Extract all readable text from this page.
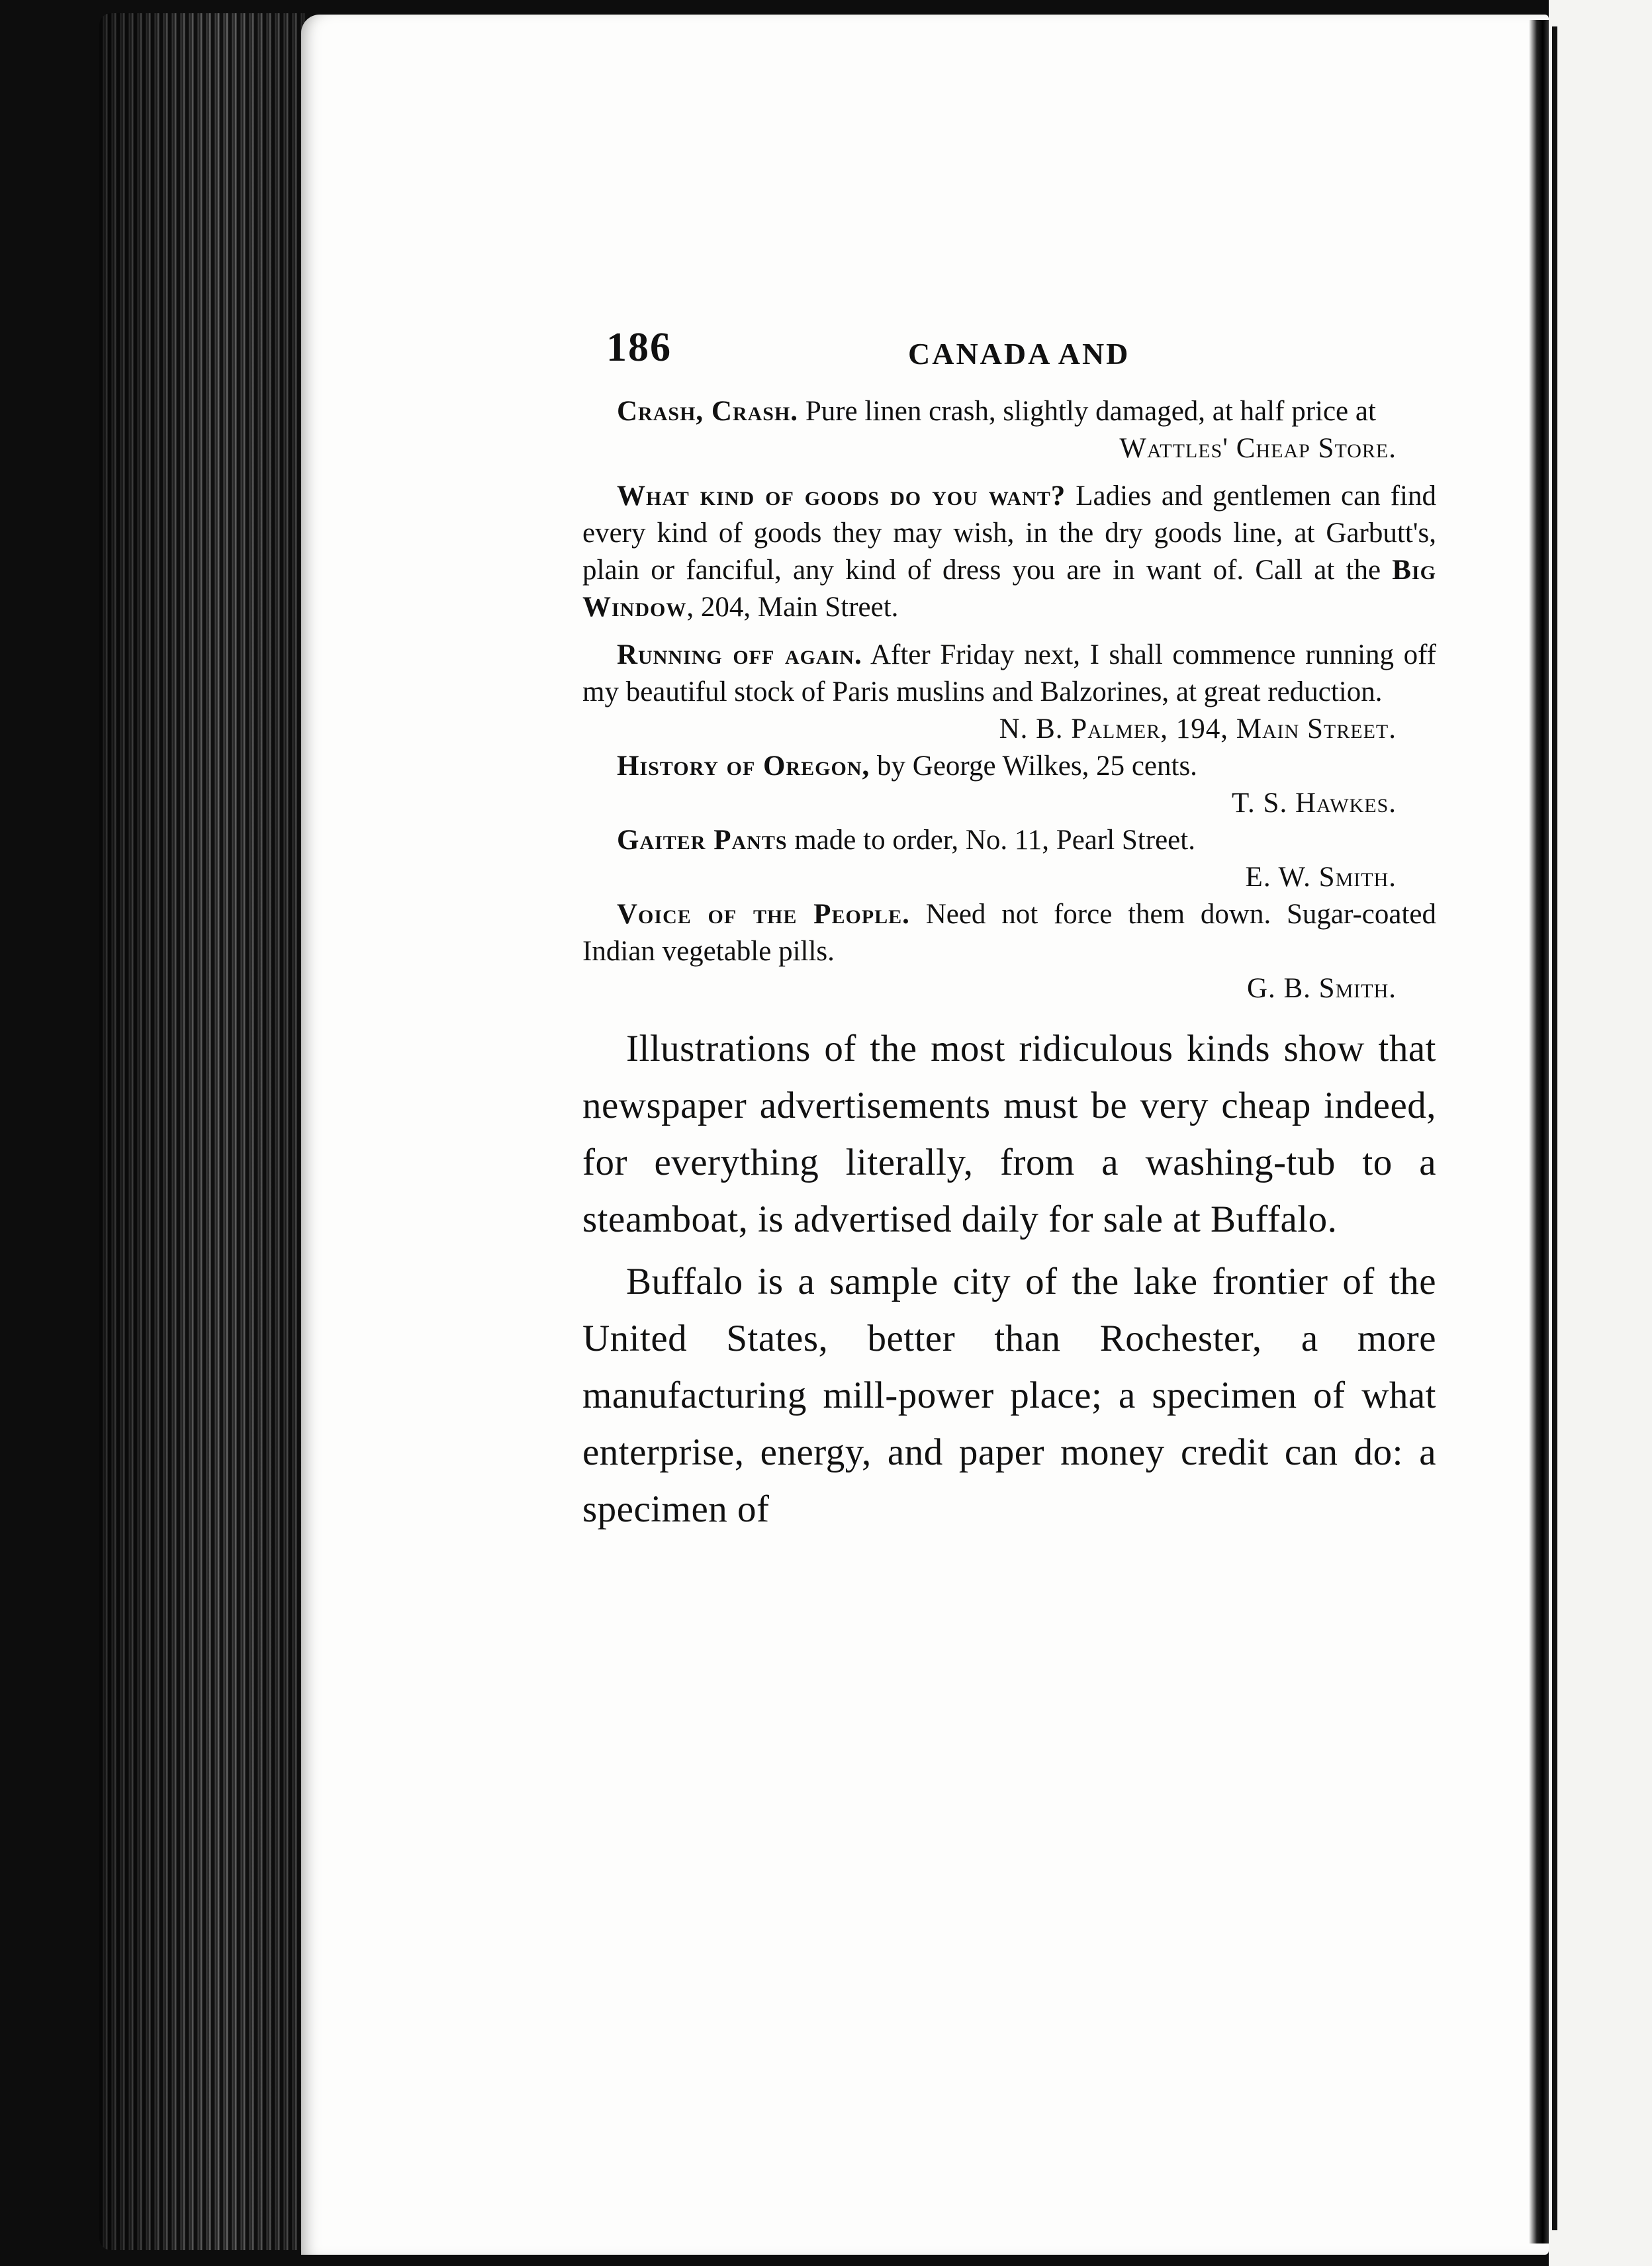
186	CANADA AND

Crash, Crash. Pure linen crash, slightly damaged, at half price at

Wattles' Cheap Store.

What kind of goods do you want? Ladies and gentlemen can find every kind of goods they may wish, in the dry goods line, at Garbutt's, plain or fanciful, any kind of dress you are in want of. Call at the Big Window, 204, Main Street.

Running off again. After Friday next, I shall commence running off my beautiful stock of Paris muslins and Balzorines, at great reduction.

N. B. Palmer, 194, Main Street.

History of Oregon, by George Wilkes, 25 cents.

T. S. Hawkes.

Gaiter Pants made to order, No. 11, Pearl Street.

E. W. Smith.

Voice of the People. Need not force them down. Sugar-coated Indian vegetable pills.

G. B. Smith.

Illustrations of the most ridiculous kinds show that newspaper advertisements must be very cheap indeed, for everything literally, from a washing-tub to a steamboat, is advertised daily for sale at Buffalo.

Buffalo is a sample city of the lake frontier of the United States, better than Rochester, a more manufacturing mill-power place; a specimen of what enterprise, energy, and paper money credit can do: a specimen of
